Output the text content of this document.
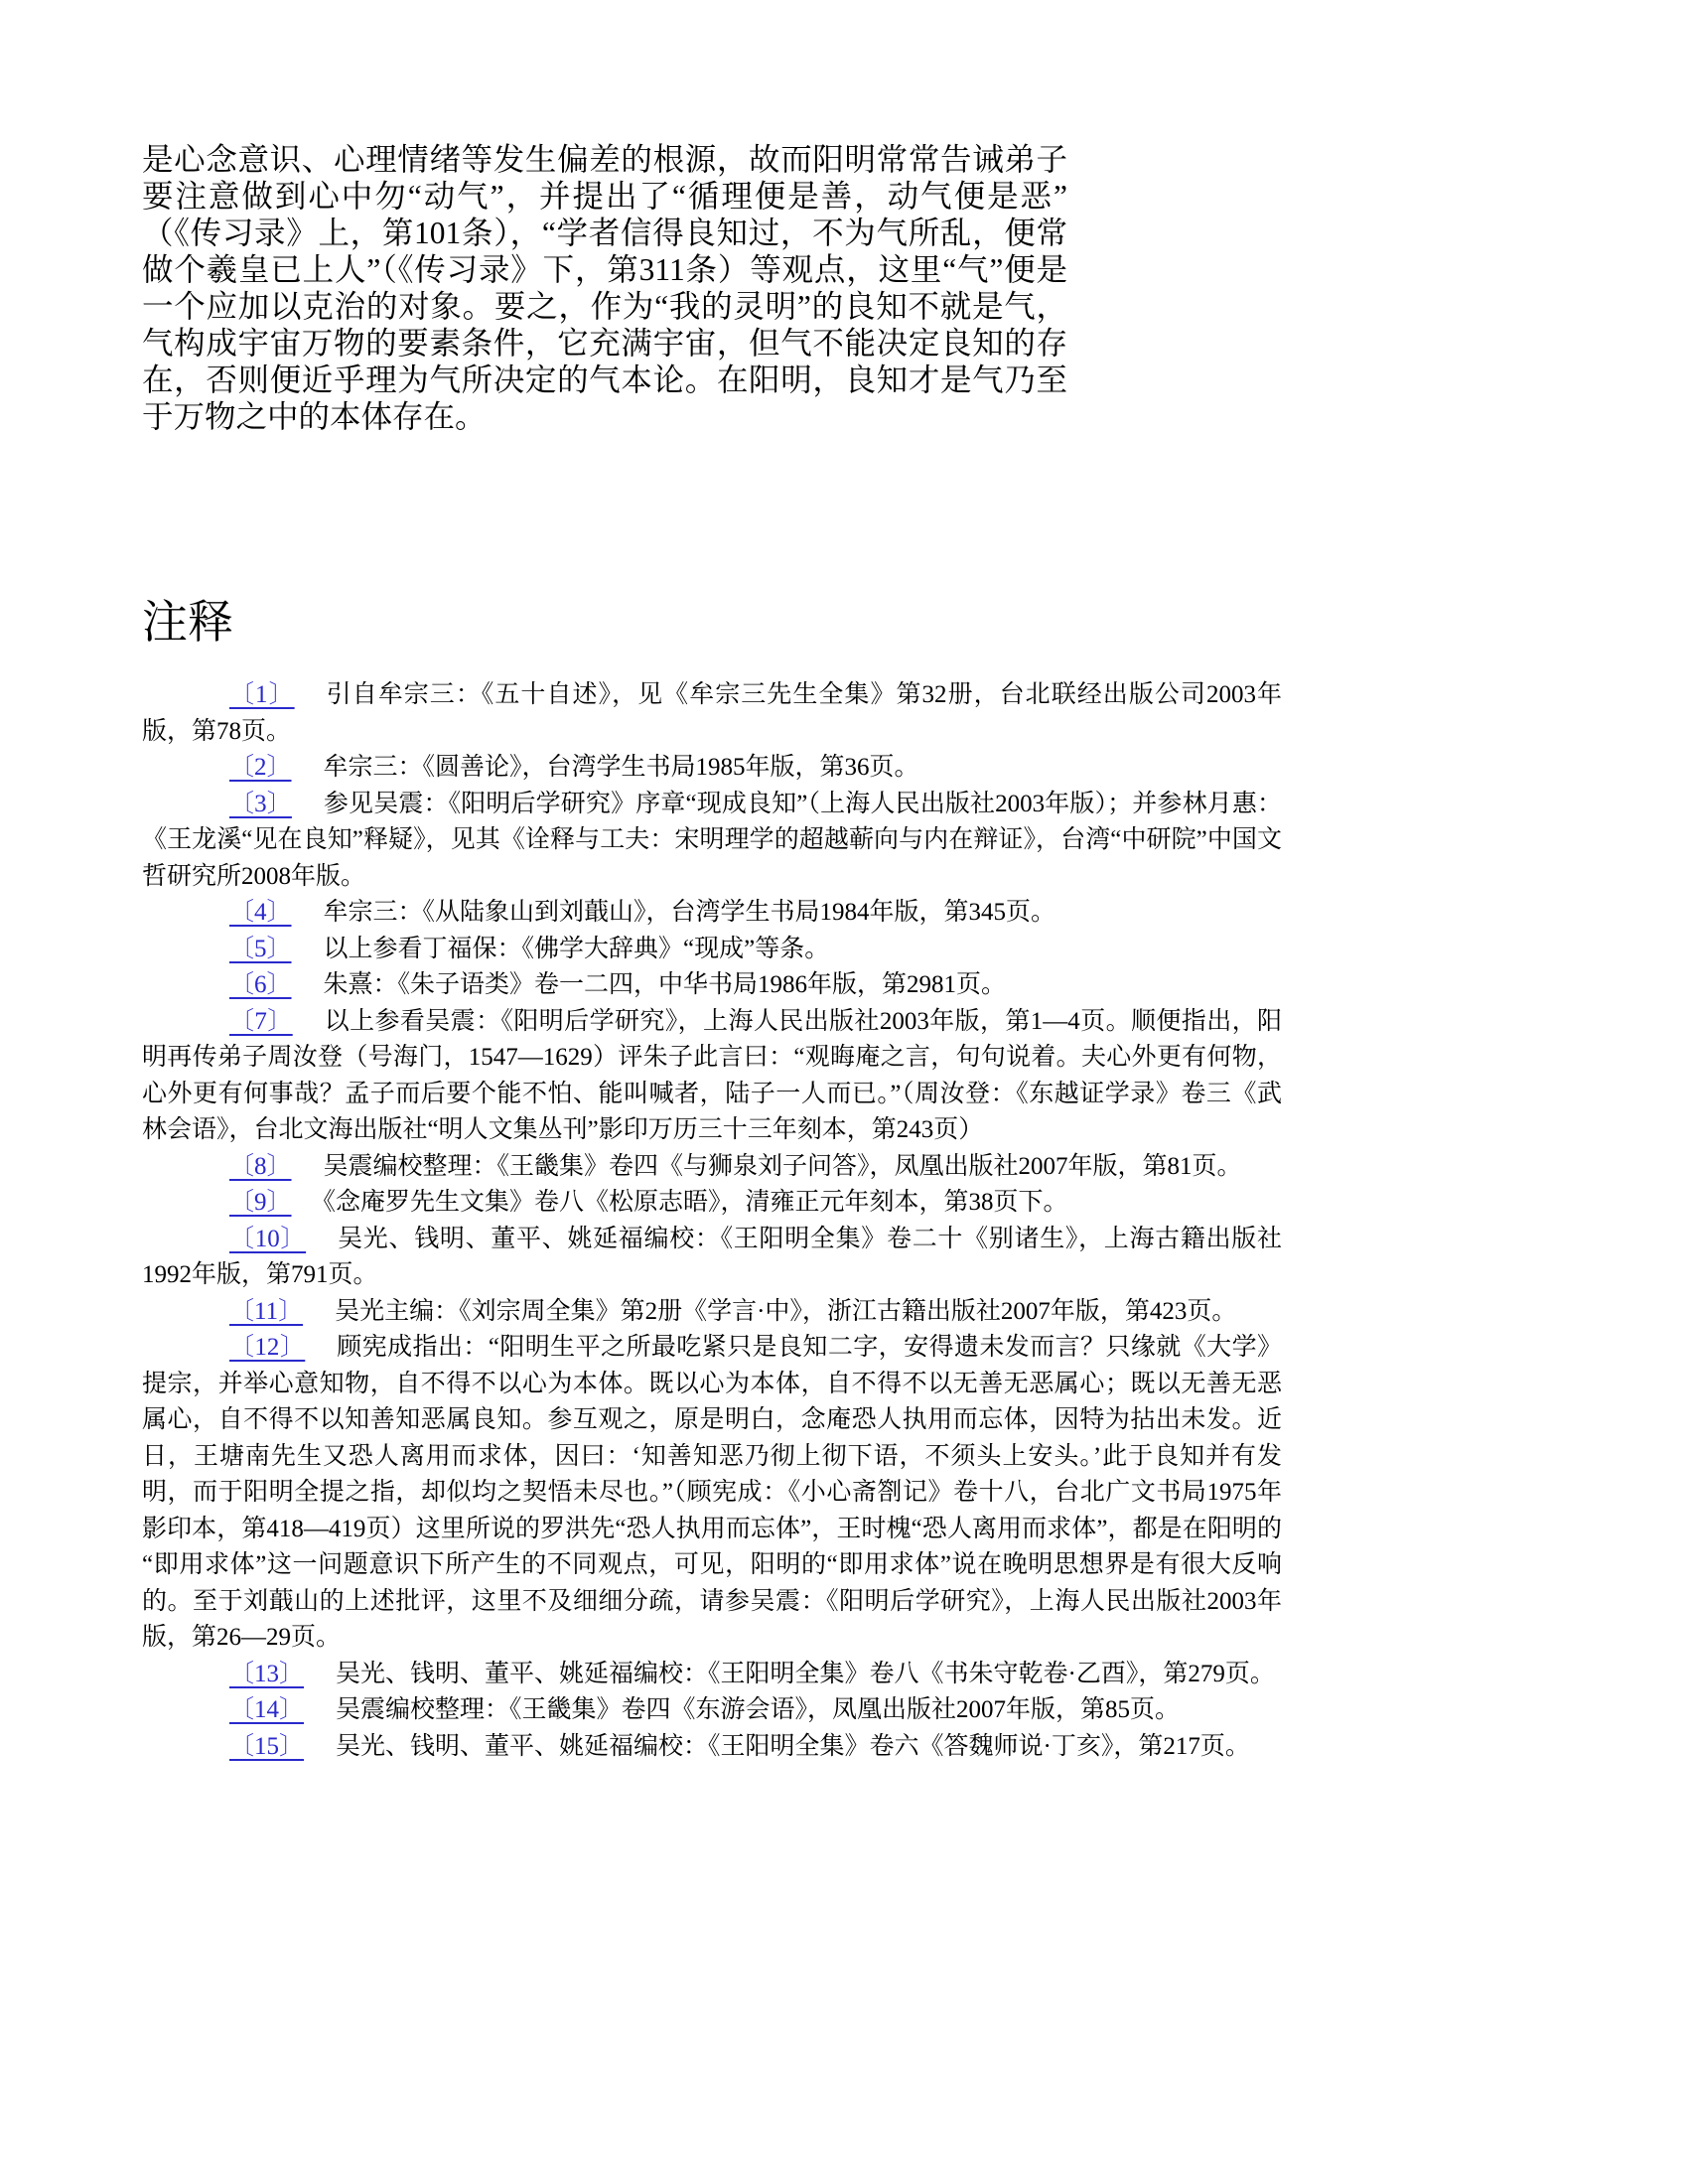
是心念意识、心理情绪等发生偏差的根源，故而阳明常常告诫弟子要注意做到心中勿“动气”，并提出了“循理便是善，动气便是恶”（《传习录》上，第101条），“学者信得良知过，不为气所乱，便常做个羲皇已上人”（《传习录》下，第311条）等观点，这里“气”便是一个应加以克治的对象。要之，作为“我的灵明”的良知不就是气，气构成宇宙万物的要素条件，它充满宇宙，但气不能决定良知的存在，否则便近乎理为气所决定的气本论。在阳明，良知才是气乃至于万物之中的本体存在。

注释

〔1〕 引自牟宗三：《五十自述》，见《牟宗三先生全集》第32册，台北联经出版公司2003年版，第78页。

〔2〕 牟宗三：《圆善论》，台湾学生书局1985年版，第36页。

〔3〕 参见吴震：《阳明后学研究》序章“现成良知”（上海人民出版社2003年版）；并参林月惠：《王龙溪“见在良知”释疑》，见其《诠释与工夫：宋明理学的超越蕲向与内在辩证》，台湾“中研院”中国文哲研究所2008年版。

〔4〕 牟宗三：《从陆象山到刘蕺山》，台湾学生书局1984年版，第345页。

〔5〕 以上参看丁福保：《佛学大辞典》“现成”等条。

〔6〕 朱熹：《朱子语类》卷一二四，中华书局1986年版，第2981页。

〔7〕 以上参看吴震：《阳明后学研究》，上海人民出版社2003年版，第1—4页。顺便指出，阳明再传弟子周汝登（号海门，1547—1629）评朱子此言曰：“观晦庵之言，句句说着。夫心外更有何物，心外更有何事哉？孟子而后要个能不怕、能叫喊者，陆子一人而已。”（周汝登：《东越证学录》卷三《武林会语》，台北文海出版社“明人文集丛刊”影印万历三十三年刻本，第243页）

〔8〕 吴震编校整理：《王畿集》卷四《与狮泉刘子问答》，凤凰出版社2007年版，第81页。

〔9〕 《念庵罗先生文集》卷八《松原志晤》，清雍正元年刻本，第38页下。

〔10〕 吴光、钱明、董平、姚延福编校：《王阳明全集》卷二十《别诸生》，上海古籍出版社1992年版，第791页。

〔11〕 吴光主编：《刘宗周全集》第2册《学言·中》，浙江古籍出版社2007年版，第423页。

〔12〕 顾宪成指出：“阳明生平之所最吃紧只是良知二字，安得遗未发而言？只缘就《大学》提宗，并举心意知物，自不得不以心为本体。既以心为本体，自不得不以无善无恶属心；既以无善无恶属心，自不得不以知善知恶属良知。参互观之，原是明白，念庵恐人执用而忘体，因特为拈出未发。近日，王塘南先生又恐人离用而求体，因曰：‘知善知恶乃彻上彻下语，不须头上安头。’此于良知并有发明，而于阳明全提之指，却似均之契悟未尽也。”（顾宪成：《小心斋劄记》卷十八，台北广文书局1975年影印本，第418—419页）这里所说的罗洪先“恐人执用而忘体”，王时槐“恐人离用而求体”，都是在阳明的“即用求体”这一问题意识下所产生的不同观点，可见，阳明的“即用求体”说在晚明思想界是有很大反响的。至于刘蕺山的上述批评，这里不及细细分疏，请参吴震：《阳明后学研究》，上海人民出版社2003年版，第26—29页。

〔13〕 吴光、钱明、董平、姚延福编校：《王阳明全集》卷八《书朱守乾卷·乙酉》，第279页。

〔14〕 吴震编校整理：《王畿集》卷四《东游会语》，凤凰出版社2007年版，第85页。

〔15〕 吴光、钱明、董平、姚延福编校：《王阳明全集》卷六《答魏师说·丁亥》，第217页。
